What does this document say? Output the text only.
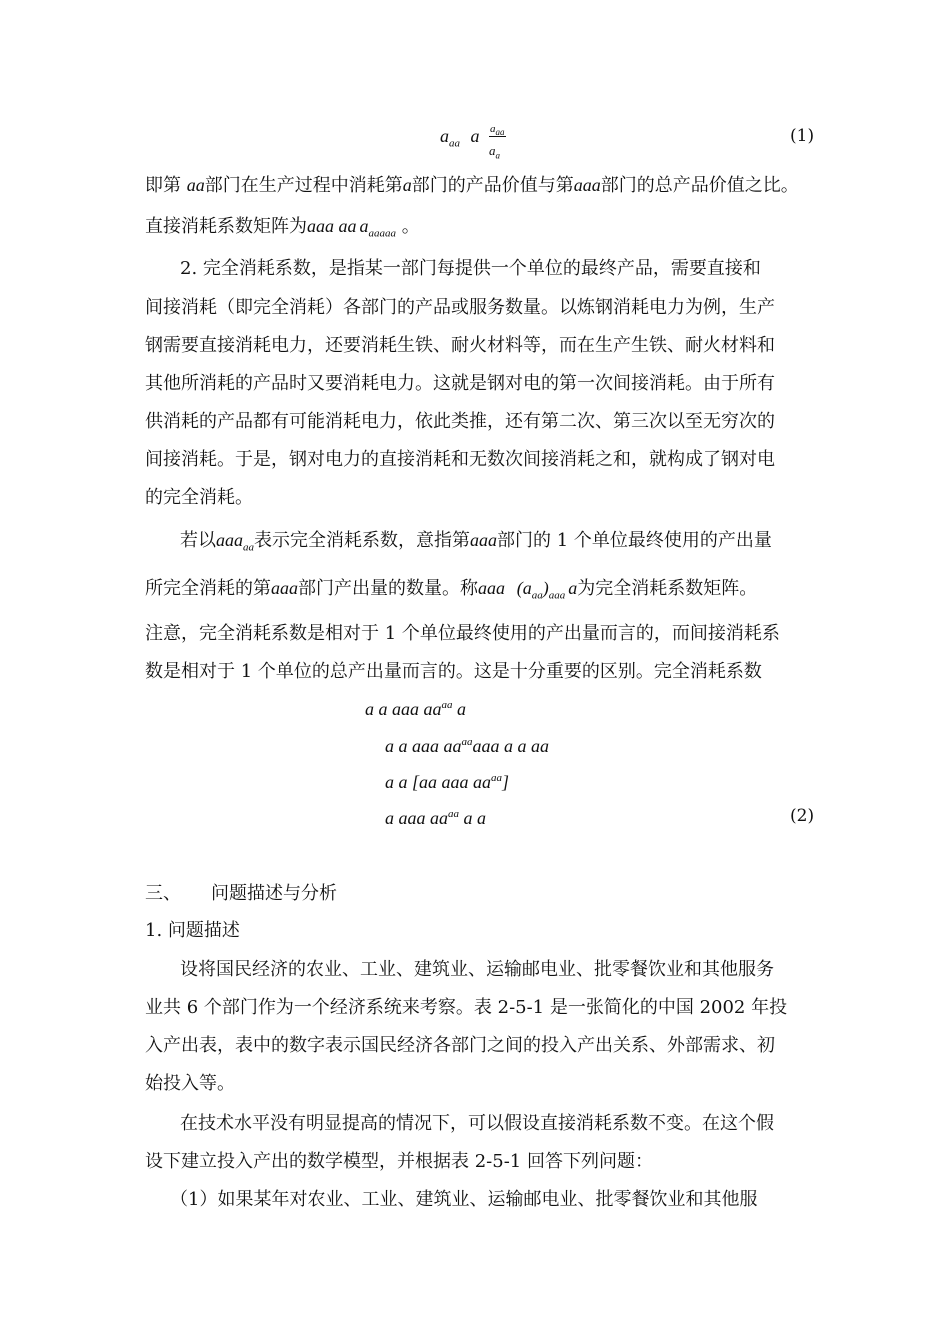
$a_{aa}$ a $a_{aa}$
$a_a$
(1)
即第 aa部门在生产过程中消耗第a部门的产品价值与第aaa部门的总产品价值之比。
直接消耗系数矩阵为aaa aa $a_{aaaaa}$ 。
2. 完全消耗系数，是指某一部门每提供一个单位的最终产品，需要直接和
间接消耗（即完全消耗）各部门的产品或服务数量。以炼钢消耗电力为例，生产
钢需要直接消耗电力，还要消耗生铁、耐火材料等，而在生产生铁、耐火材料和
其他所消耗的产品时又要消耗电力。这就是钢对电的第一次间接消耗。由于所有
供消耗的产品都有可能消耗电力，依此类推，还有第二次、第三次以至无穷次的
间接消耗。于是，钢对电力的直接消耗和无数次间接消耗之和，就构成了钢对电
的完全消耗。
若以aaa$_{aa}$表示完全消耗系数，意指第aaa部门的 1 个单位最终使用的产出量
所完全消耗的第aaa部门产出量的数量。称aaa $(a_{aa})_{aaa}$ a为完全消耗系数矩阵。
注意，完全消耗系数是相对于 1 个单位最终使用的产出量而言的，而间接消耗系
数是相对于 1 个单位的总产出量而言的。这是十分重要的区别。完全消耗系数
a a aaa $aa^{aa}$ a
a a aaa $aa^{aa}aaa$ a a aa
a a [aa aaa $aa^{aa}$]
a aaa $aa^{aa}$ a a	(2)
三、 问题描述与分析
1. 问题描述
设将国民经济的农业、工业、建筑业、运输邮电业、批零餐饮业和其他服务
业共 6 个部门作为一个经济系统来考察。表 2-5-1 是一张简化的中国 2002 年投
入产出表，表中的数字表示国民经济各部门之间的投入产出关系、外部需求、初
始投入等。
在技术水平没有明显提高的情况下，可以假设直接消耗系数不变。在这个假
设下建立投入产出的数学模型，并根据表 2-5-1 回答下列问题：
（1）如果某年对农业、工业、建筑业、运输邮电业、批零餐饮业和其他服
